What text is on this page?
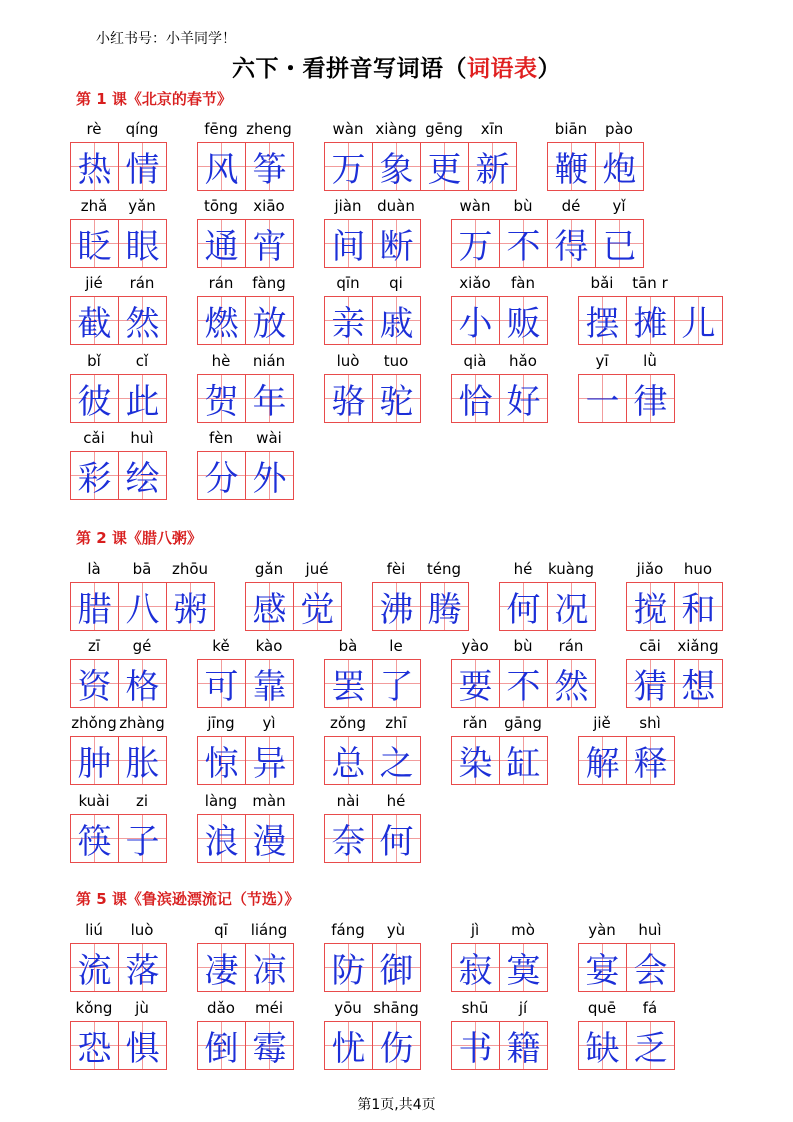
小红书号：小羊同学！
六下・看拼音写词语（词语表）
第 1 课《北京的春节》
rè
热
qíng
情
fēng
风
zheng
筝
wàn
万
xiàng
象
gēng
更
xīn
新
biān
鞭
pào
炮
zhǎ
眨
yǎn
眼
tōng
通
xiāo
宵
jiàn
间
duàn
断
wàn
万
bù
不
dé
得
yǐ
已
jié
截
rán
然
rán
燃
fàng
放
qīn
亲
qi
戚
xiǎo
小
fàn
贩
bǎi
摆
tān r
摊 儿
bǐ
彼
cǐ
此
hè
贺
nián
年
luò
骆
tuo
驼
qià
恰
hǎo
好
yī
一
lǜ
律
cǎi
彩
huì
绘
fèn
分
wài
外
第 2 课《腊八粥》
là
腊
bā
八
zhōu
粥
gǎn
感
jué
觉
fèi
沸
téng
腾
hé
何
kuàng
况
jiǎo
搅
huo
和
zī
资
gé
格
kě
可
kào
靠
bà
罢
le
了
yào
要
bù
不
rán
然
cāi
猜
xiǎng
想
zhǒng
肿
zhàng
胀
jīng
惊
yì
异
zǒng
总
zhī
之
rǎn
染
gāng
缸
jiě
解
shì
释
kuài
筷
zi
子
làng
浪
màn
漫
nài
奈
hé
何
第 5 课《鲁滨逊漂流记（节选）》
liú
流
luò
落
qī
凄
liáng
凉
fáng
防
yù
御
jì
寂
mò
寞
yàn
宴
huì
会
kǒng
恐
jù
惧
dǎo
倒
méi
霉
yōu
忧
shāng
伤
shū
书
jí
籍
quē
缺
fá
乏
第1页,共4页
